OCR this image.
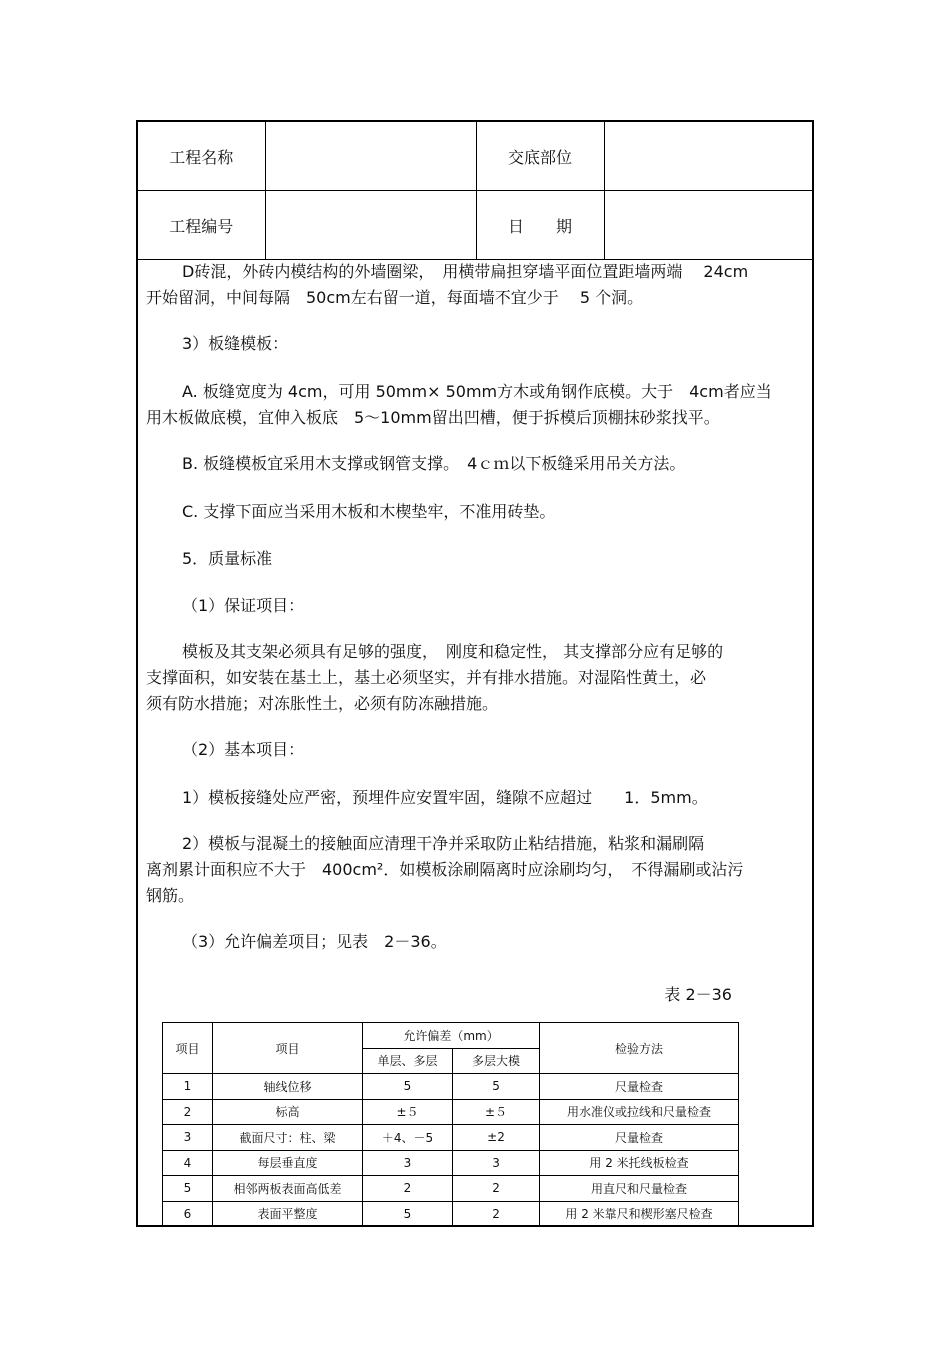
工程名称		交底部位	
工程编号		日　　期	
D砖混，外砖内模结构的外墙圈梁，　用横带扁担穿墙平面位置距墙两端　 24cm
开始留洞，中间每隔　50cm左右留一道，每面墙不宜少于　 5 个洞。
3）板缝模板：
A. 板缝宽度为 4cm，可用 50mm× 50mm方木或角钢作底模。大于　4cm者应当
用木板做底模，宜伸入板底　5～10mm留出凹槽，便于拆模后顶棚抹砂浆找平。
B. 板缝模板宜采用木支撑或钢管支撑。　4ｃｍ以下板缝采用吊关方法。
C. 支撑下面应当采用木板和木楔垫牢，不准用砖垫。
5．质量标准
（1）保证项目：
模板及其支架必须具有足够的强度，　刚度和稳定性， 其支撑部分应有足够的
支撑面积，如安装在基土上，基土必须坚实，并有排水措施。对湿陷性黄土，必
须有防水措施；对冻胀性土，必须有防冻融措施。
（2）基本项目：
1）模板接缝处应严密，预埋件应安置牢固，缝隙不应超过　　1．5mm。
2）模板与混凝土的接触面应清理干净并采取防止粘结措施，粘浆和漏刷隔
离剂累计面积应不大于　400cm²．如模板涂刷隔离时应涂刷均匀，　不得漏刷或沾污
钢筋。
（3）允许偏差项目；见表　2－36。
表 2－36
项目	项目	允许偏差（mm）		检验方法
		单层、多层	多层大模	
1	轴线位移	5	5	尺量检查
2	标高	±５	±５	用水准仪或拉线和尺量检查
3	截面尺寸：柱、梁	＋4、－5	±2	尺量检查
4	每层垂直度	3	3	用 2 米托线板检查
5	相邻两板表面高低差	2	2	用直尺和尺量检查
6	表面平整度	5	2	用 2 米靠尺和楔形塞尺检查
